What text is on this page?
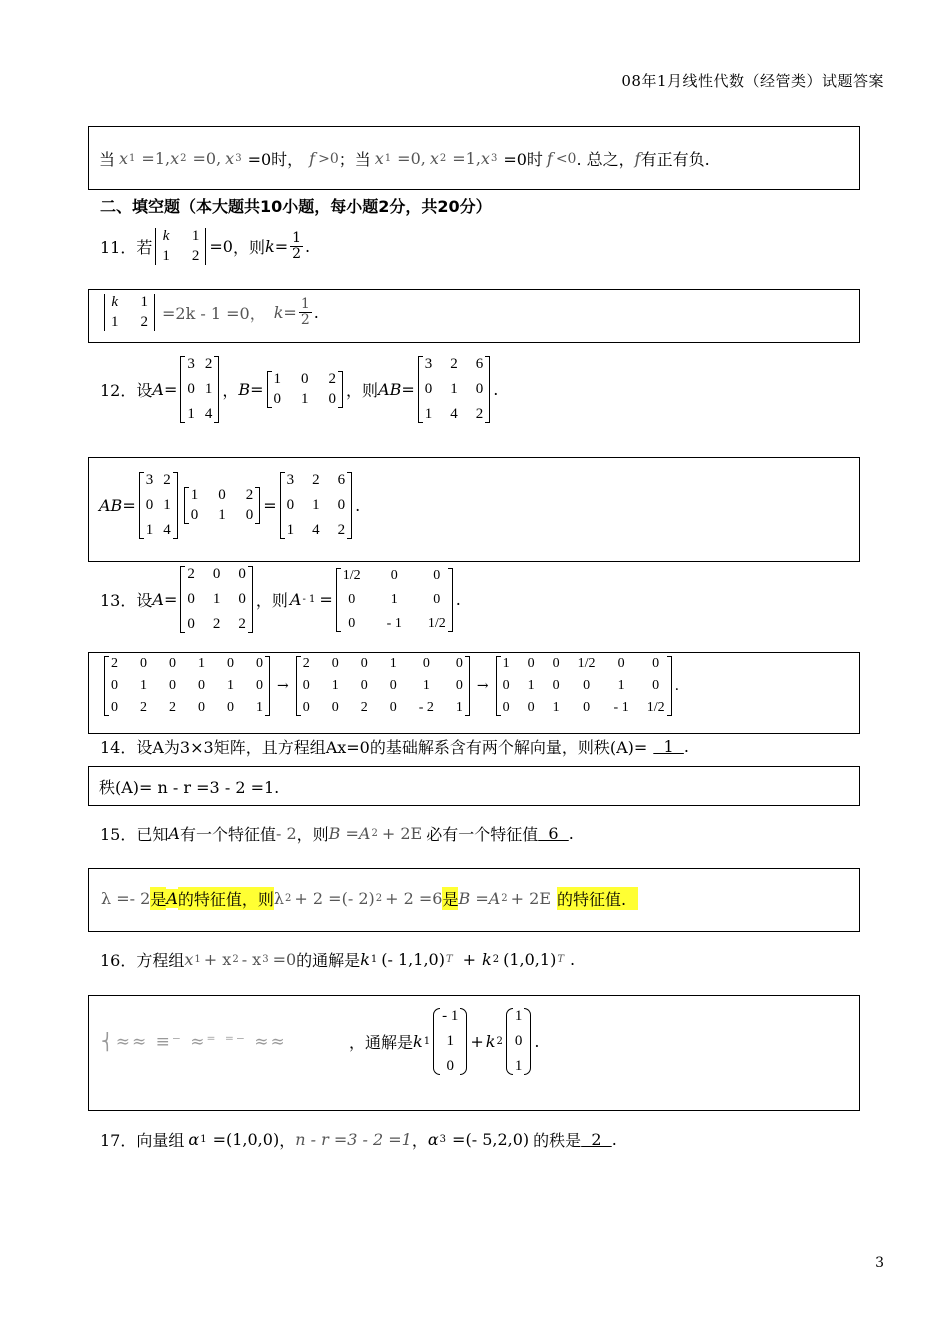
08年1月线性代数（经管类）试题答案
当 x 1 =1, x 2 =0, x 3 =0时， f >0 ；当 x 1 =0, x 2 =1, x 3 =0时 f <0 . 总之， f 有正有负.
二、填空题（本大题共10小题，每小题2分，共20分）
11． 若
k 1
1 2 =0 ，则 $k = \frac{1}{2}$ .
k 1
1 2 =2k - 1 =0， $k = \frac{1}{2}$ .
12． 设 A =
3 2
0 1
1 4
， B =
1 0 2
0 1 0 ，则 AB =
3 2 6
0 1 0
1 4 2
.
AB =
3 2
0 1
1 4
1 0 2
0 1 0 =
3 2 6
0 1 0
1 4 2
.
13． 设 A =
2 0 0
0 1 0
0 2 2
，则 A - 1 =
1/2 0	0
0	1	0
0	- 1 1/2
.
2 0 0 1 0 0
0 1 0 0 1 0
0 2 2 0 0 1
→
2 0 0 1 0 0
0 1 0 0 1 0
0 0 2 0 - 2 1
→
1 0 0 1/2 0	0
0 1 0	0	1	0
0 0 1	0	- 1 1/2
.
14． 设A为3×3矩阵，且方程组Ax=0的基础解系含有两个解向量，则秩(A)= 1 .
秩(A)= n - r =3 - 2 =1.
15． 已知 A 有一个特征值 - 2 ，则 B =A 2 + 2E 必有一个特征值 6 .
λ =- 2 是 A 的特征值，则 λ 2 + 2 =(- 2) 2 + 2 =6 是 B =A 2 + 2E 的特征值.
16． 方程组 x 1 + x 2 - x 3 =0 的通解是 k 1 (- 1,1,0) T + k 2 (1,0,1) T .
⎨≈≈ ≡⁻ ≈⁼ ⁼⁻ ≈≈	，通解是 k 1
- 1
1
0
+ k 2
1
0
1
.
17． 向量组 α 1 =(1,0,0) ， n - r =3 - 2 =1 ， α 3 =(- 5,2,0) 的秩是 2 .
3
